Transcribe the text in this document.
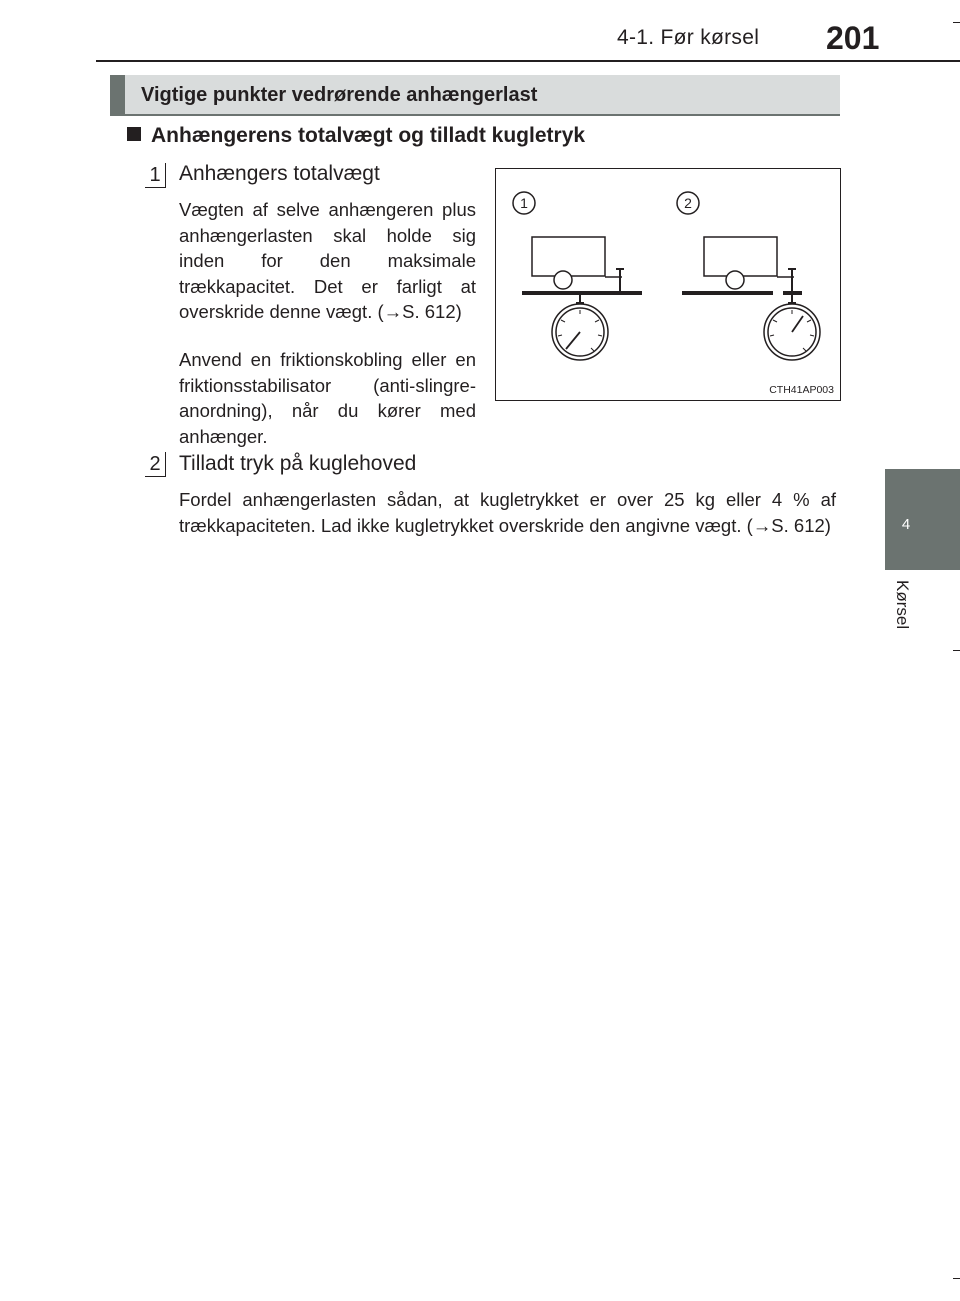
4-1. Før kørsel 201
4
Kørsel
Vigtige punkter vedrørende anhængerlast
Anhængerens totalvægt og tilladt kugletryk
1 Anhængers totalvægt
Vægten af selve anhængeren plus anhængerlasten skal holde sig inden for den maksimale trækkapacitet. Det er farligt at overskride denne vægt. (→S. 612)
Anvend en friktionskobling eller en friktionsstabilisator (anti-slingre-anordning), når du kører med anhænger.
1	2
CTH41AP003
2 Tilladt tryk på kuglehoved
Fordel anhængerlasten sådan, at kugletrykket er over 25 kg eller 4 % af trækkapaciteten. Lad ikke kugletrykket overskride den angivne vægt. (→S. 612)
